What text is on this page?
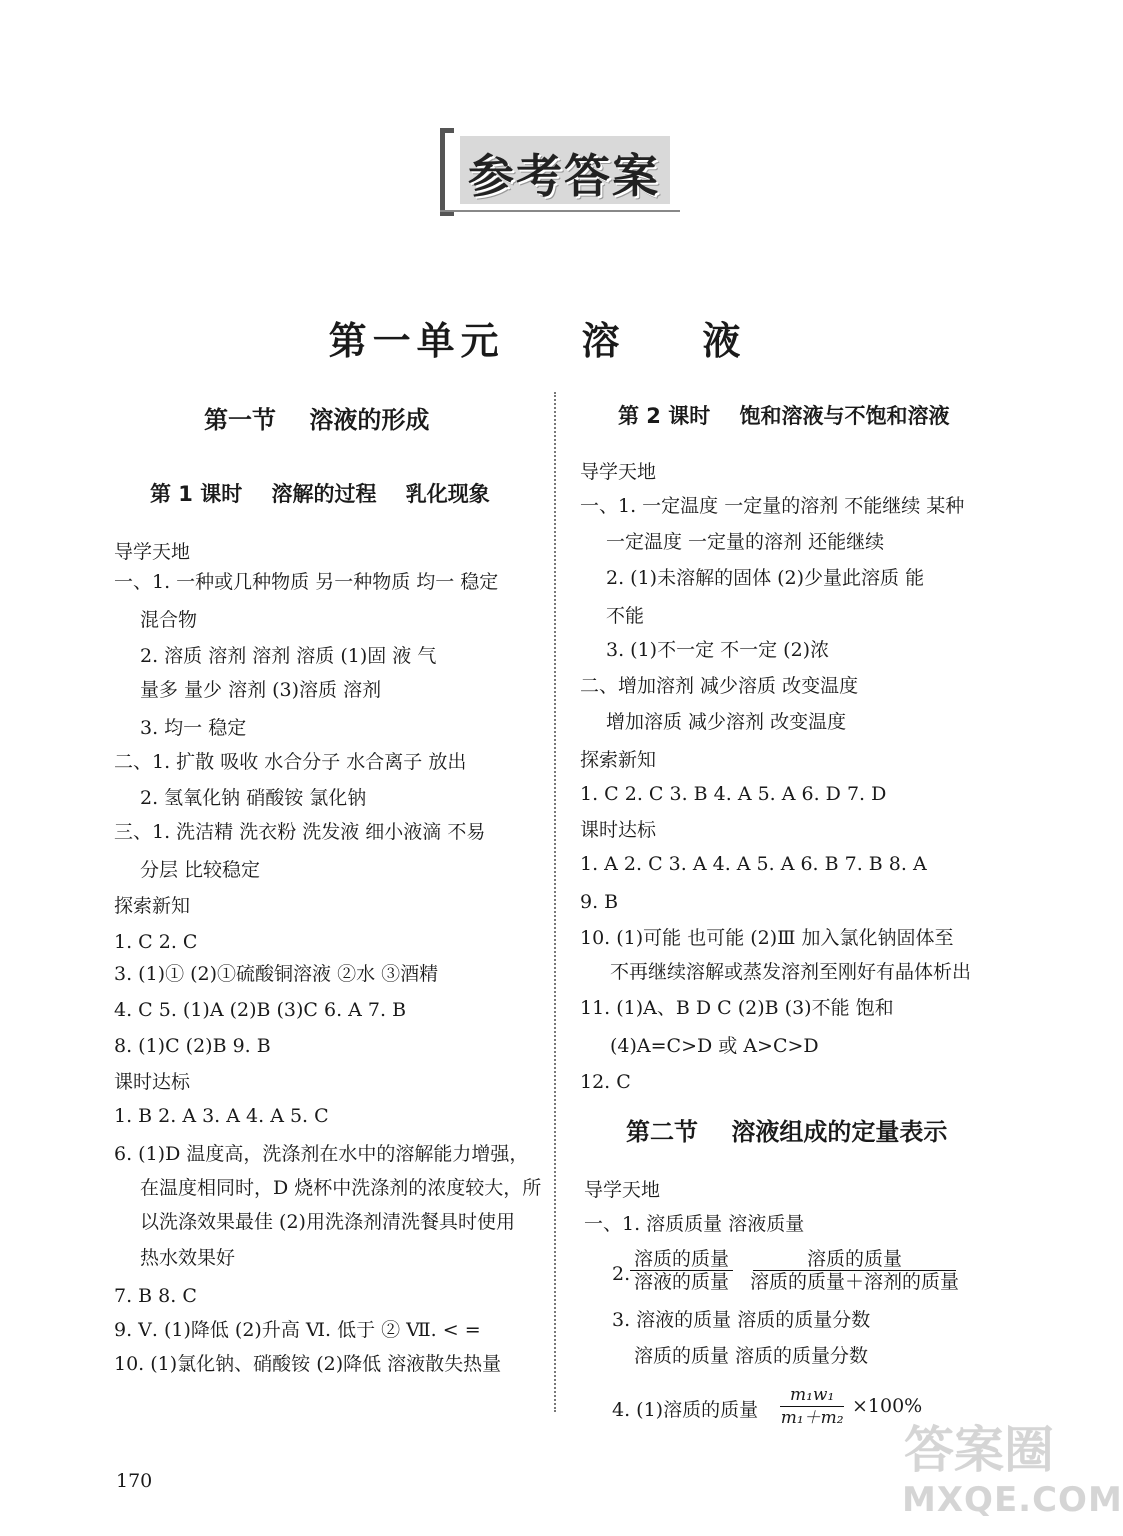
参考答案
第一单元    溶    液
第一节    溶液的形成
第 1 课时    溶解的过程    乳化现象
导学天地
一、1. 一种或几种物质 另一种物质 均一 稳定
混合物
2. 溶质 溶剂 溶剂 溶质 (1)固 液 气
量多 量少 溶剂 (3)溶质 溶剂
3. 均一 稳定
二、1. 扩散 吸收 水合分子 水合离子 放出
2. 氢氧化钠 硝酸铵 氯化钠
三、1. 洗洁精 洗衣粉 洗发液 细小液滴 不易
分层 比较稳定
探索新知
1. C 2. C
3. (1)① (2)①硫酸铜溶液 ②水 ③酒精
4. C 5. (1)A (2)B (3)C 6. A 7. B
8. (1)C (2)B 9. B
课时达标
1. B 2. A 3. A 4. A 5. C
6. (1)D 温度高，洗涤剂在水中的溶解能力增强，
在温度相同时，D 烧杯中洗涤剂的浓度较大，所
以洗涤效果最佳 (2)用洗涤剂清洗餐具时使用
热水效果好
7. B 8. C
9. Ⅴ. (1)降低 (2)升高 Ⅵ. 低于 ② Ⅶ. < =
10. (1)氯化钠、硝酸铵 (2)降低 溶液散失热量
第 2 课时    饱和溶液与不饱和溶液
导学天地
一、1. 一定温度 一定量的溶剂 不能继续 某种
一定温度 一定量的溶剂 还能继续
2. (1)未溶解的固体 (2)少量此溶质 能
不能
3. (1)不一定 不一定 (2)浓
二、增加溶剂 减少溶质 改变温度
增加溶质 减少溶剂 改变温度
探索新知
1. C 2. C 3. B 4. A 5. A 6. D 7. D
课时达标
1. A 2. C 3. A 4. A 5. A 6. B 7. B 8. A
9. B
10. (1)可能 也可能 (2)Ⅲ 加入氯化钠固体至
不再继续溶解或蒸发溶剂至刚好有晶体析出
11. (1)A、B D C (2)B (3)不能 饱和
(4)A=C>D 或 A>C>D
12. C
第二节    溶液组成的定量表示
导学天地
一、1. 溶质质量 溶液质量
2.
溶质的质量
溶液的质量
溶质的质量
溶质的质量＋溶剂的质量
3. 溶液的质量 溶质的质量分数
溶质的质量 溶质的质量分数
4. (1)溶质的质量 $\frac{\text{m₁w₁}}{\text{m₁＋m₂}} \times 100\%$
170
答案圈
MXQE.COM
